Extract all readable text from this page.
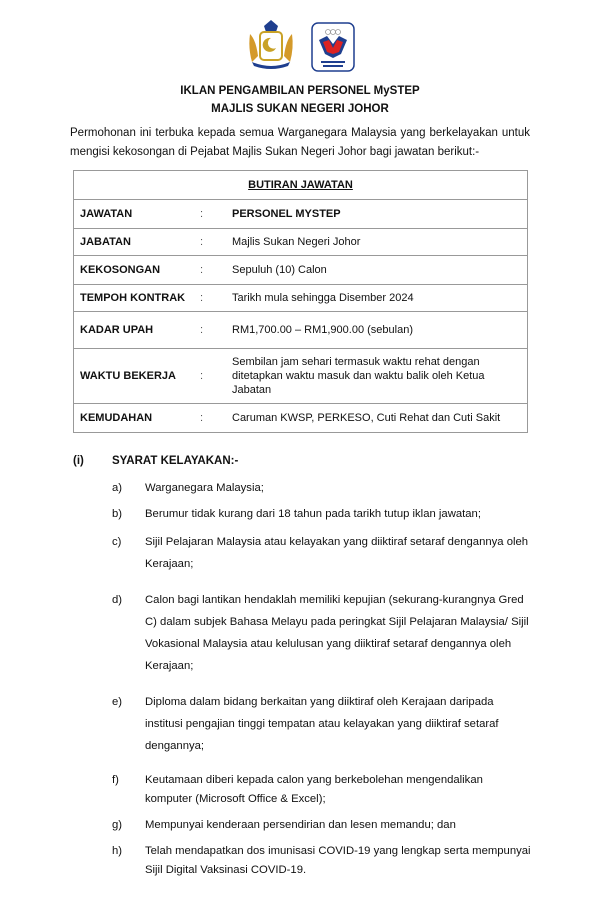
IKLAN PENGAMBILAN PERSONEL MySTEP
MAJLIS SUKAN NEGERI JOHOR
Permohonan ini terbuka kepada semua Warganegara Malaysia yang berkelayakan untuk mengisi kekosongan di Pejabat Majlis Sukan Negeri Johor bagi jawatan berikut:-
BUTIRAN JAWATAN		
JAWATAN	:	PERSONEL MYSTEP
JABATAN	:	Majlis Sukan Negeri Johor
KEKOSONGAN	:	Sepuluh (10) Calon
TEMPOH KONTRAK	:	Tarikh mula sehingga Disember 2024
KADAR UPAH	:	RM1,700.00 – RM1,900.00 (sebulan)
WAKTU BEKERJA	:	Sembilan jam sehari termasuk waktu rehat dengan ditetapkan waktu masuk dan waktu balik oleh Ketua Jabatan
KEMUDAHAN	:	Caruman KWSP, PERKESO, Cuti Rehat dan Cuti Sakit
(i) SYARAT KELAYAKAN:-
a) Warganegara Malaysia;
b) Berumur tidak kurang dari 18 tahun pada tarikh tutup iklan jawatan;
c) Sijil Pelajaran Malaysia atau kelayakan yang diiktiraf setaraf dengannya oleh Kerajaan;
d) Calon bagi lantikan hendaklah memiliki kepujian (sekurang-kurangnya Gred C) dalam subjek Bahasa Melayu pada peringkat Sijil Pelajaran Malaysia/ Sijil Vokasional Malaysia atau kelulusan yang diiktiraf setaraf dengannya oleh Kerajaan;
e) Diploma dalam bidang berkaitan yang diiktiraf oleh Kerajaan daripada institusi pengajian tinggi tempatan atau kelayakan yang diiktiraf setaraf dengannya;
f) Keutamaan diberi kepada calon yang berkebolehan mengendalikan komputer (Microsoft Office & Excel);
g) Mempunyai kenderaan persendirian dan lesen memandu; dan
h) Telah mendapatkan dos imunisasi COVID-19 yang lengkap serta mempunyai Sijil Digital Vaksinasi COVID-19.
